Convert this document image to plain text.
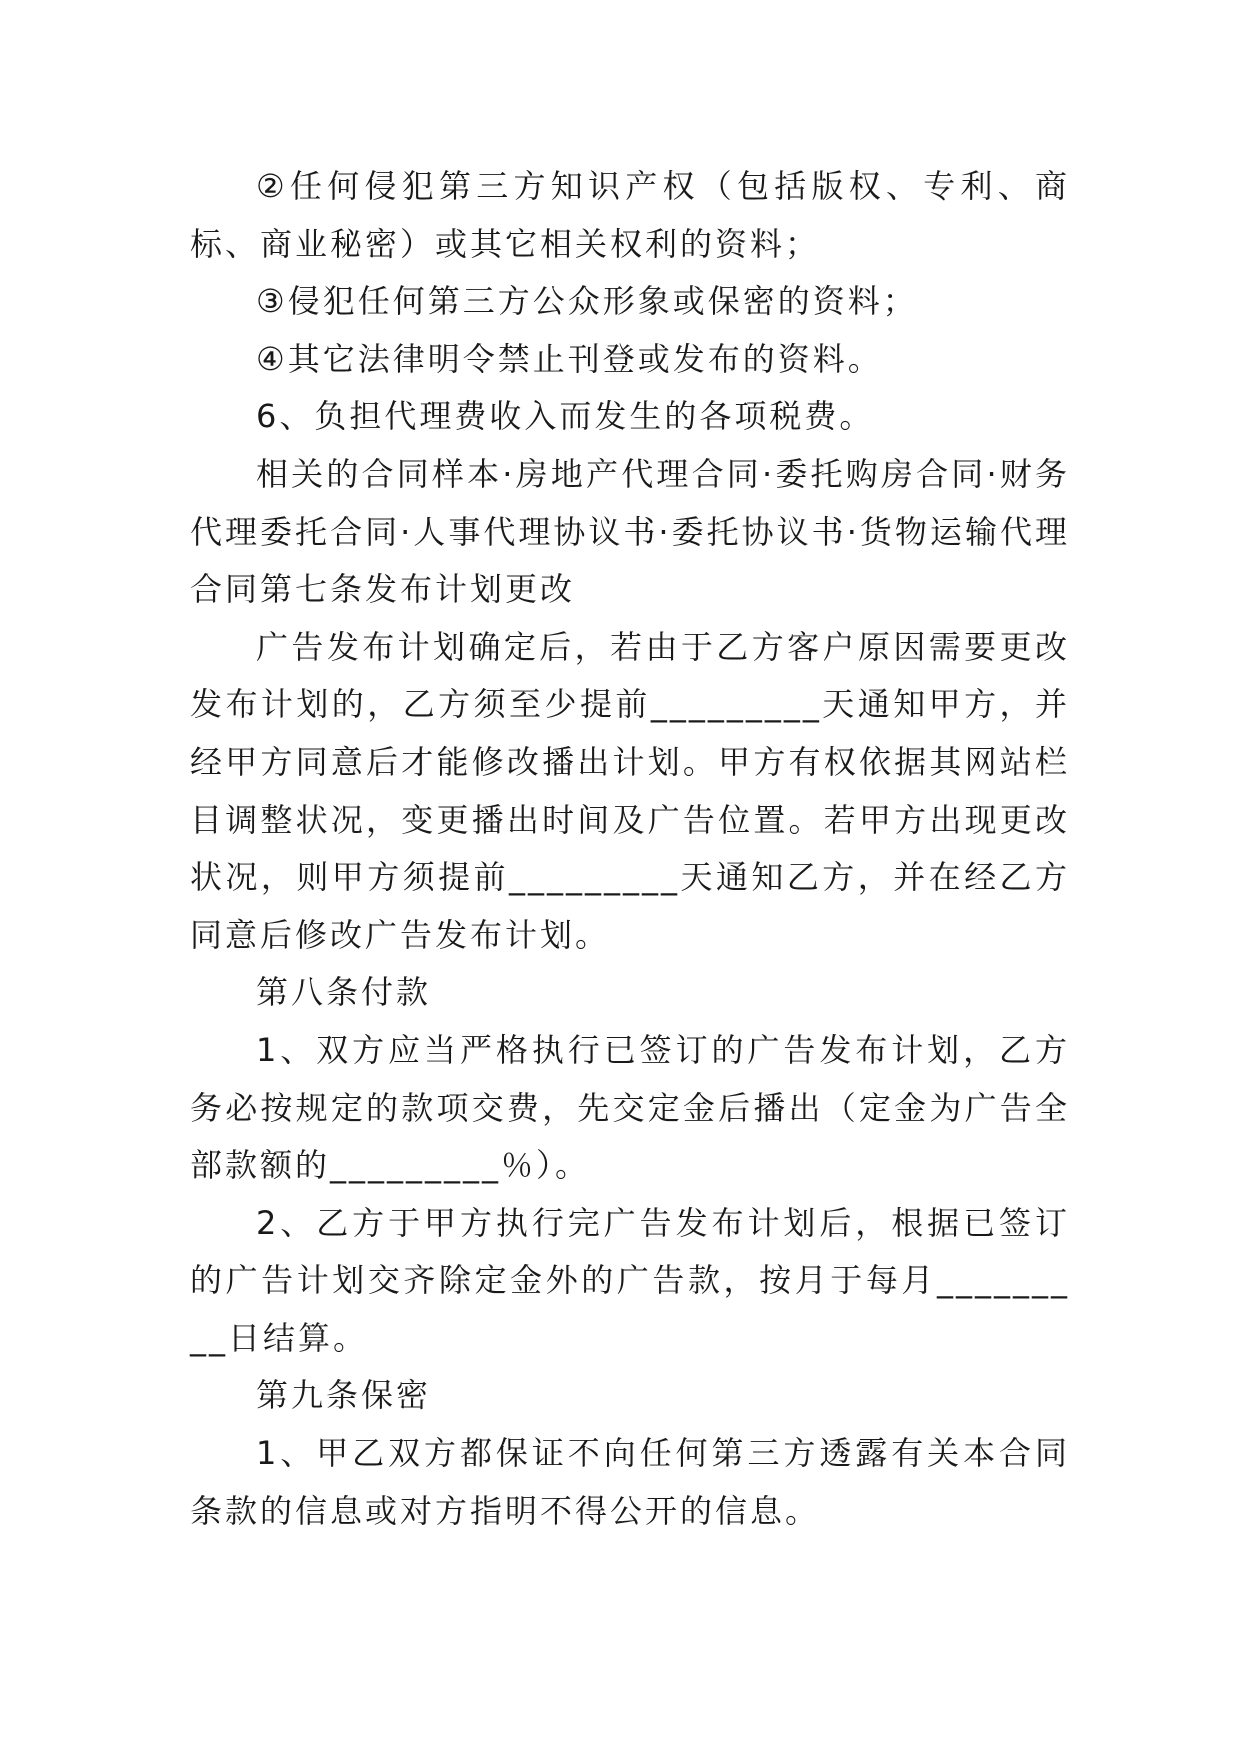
②任何侵犯第三方知识产权（包括版权、专利、商标、商业秘密）或其它相关权利的资料；

③侵犯任何第三方公众形象或保密的资料；

④其它法律明令禁止刊登或发布的资料。

6、负担代理费收入而发生的各项税费。

相关的合同样本·房地产代理合同·委托购房合同·财务代理委托合同·人事代理协议书·委托协议书·货物运输代理合同第七条发布计划更改

广告发布计划确定后，若由于乙方客户原因需要更改发布计划的，乙方须至少提前_________天通知甲方，并经甲方同意后才能修改播出计划。甲方有权依据其网站栏目调整状况，变更播出时间及广告位置。若甲方出现更改状况，则甲方须提前_________天通知乙方，并在经乙方同意后修改广告发布计划。

第八条付款

1、双方应当严格执行已签订的广告发布计划，乙方务必按规定的款项交费，先交定金后播出（定金为广告全部款额的_________％）。

2、乙方于甲方执行完广告发布计划后，根据已签订的广告计划交齐除定金外的广告款，按月于每月_________日结算。

第九条保密

1、甲乙双方都保证不向任何第三方透露有关本合同条款的信息或对方指明不得公开的信息。
